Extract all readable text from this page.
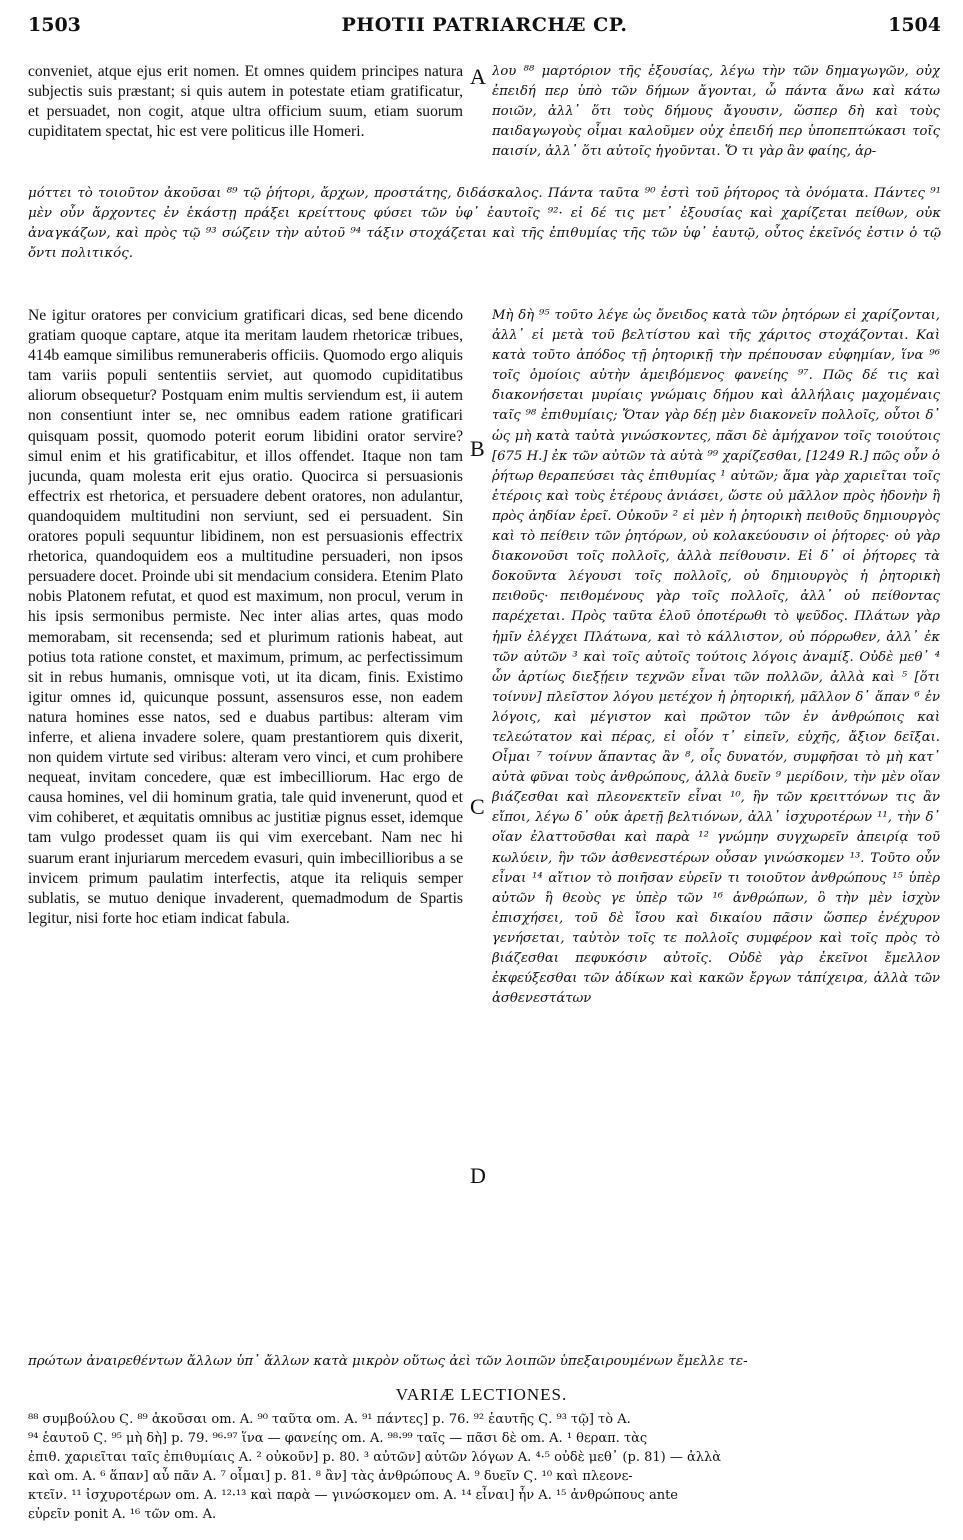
1503	PHOTII PATRIARCHÆ CP.	1504

conveniet, atque ejus erit nomen. Et omnes quidem principes natura subjectis suis præstant; si quis autem in potestate etiam gratificatur, et persuadet, non cogit, atque ultra officium suum, etiam suorum cupiditatem spectat, hic est vere politicus ille Homeri.

A λου ⁸⁸ μαρτόριον τῆς ἐξουσίας, λέγω τὴν τῶν δημαγωγῶν, οὐχ ἐπειδή περ ὑπὸ τῶν δήμων ἄγονται, ὦ πάντα ἄνω καὶ κάτω ποιῶν, ἀλλ᾽ ὅτι τοὺς δήμους ἄγουσιν, ὥσπερ δὴ καὶ τοὺς παιδαγωγοὺς οἶμαι καλοῦμεν οὐχ ἐπειδή περ ὑποπεπτώκασι τοῖς παισίν, ἀλλ᾽ ὅτι αὐτοῖς ἡγοῦνται. Ὅ τι γὰρ ἂν φαίης, ἁρ-

μόττει τὸ τοιοῦτον ἀκοῦσαι ⁸⁹ τῷ ῥήτορι, ἄρχων, προστάτης, διδάσκαλος. Πάντα ταῦτα ⁹⁰ ἐστὶ τοῦ ῥήτορος τὰ ὀνόματα. Πάντες ⁹¹ μὲν οὖν ἄρχοντες ἐν ἑκάστῃ πράξει κρείττους φύσει τῶν ὑφ᾽ ἑαυτοῖς ⁹²· εἰ δέ τις μετ᾽ ἐξουσίας καὶ χαρίζεται πείθων, οὐκ ἀναγκάζων, καὶ πρὸς τῷ ⁹³ σώζειν τὴν αὐτοῦ ⁹⁴ τάξιν στοχάζεται καὶ τῆς ἐπιθυμίας τῆς τῶν ὑφ᾽ ἑαυτῷ, οὗτος ἐκεῖνός ἐστιν ὁ τῷ ὄντι πολιτικός.

Ne igitur oratores per convicium gratificari dicas, sed bene dicendo gratiam quoque captare, atque ita meritam laudem rhetoricæ tribues, 414b eamque similibus remuneraberis officiis. Quomodo ergo aliquis tam variis populi sententiis serviet, aut quomodo cupiditatibus aliorum obsequetur? Postquam enim multis serviendum est, ii autem non consentiunt inter se, nec omnibus eadem ratione gratificari quisquam possit, quomodo poterit eorum libidini orator servire? simul enim et his gratificabitur, et illos offendet. Itaque non tam jucunda, quam molesta erit ejus oratio. Quocirca si persuasionis effectrix est rhetorica, et persuadere debent oratores, non adulantur, quandoquidem multitudini non serviunt, sed ei persuadent. Sin oratores populi sequuntur libidinem, non est persuasionis effectrix rhetorica, quandoquidem eos a multitudine persuaderi, non ipsos persuadere docet. Proinde ubi sit mendacium considera. Etenim Plato nobis Platonem refutat, et quod est maximum, non procul, verum in his ipsis sermonibus permiste. Nec inter alias artes, quas modo memorabam, sit recensenda; sed et plurimum rationis habeat, aut potius tota ratione constet, et maximum, primum, ac perfectissimum sit in rebus humanis, omnisque voti, ut ita dicam, finis. Existimo igitur omnes id, quicunque possunt, assensuros esse, non eadem natura homines esse natos, sed e duabus partibus: alteram vim inferre, et aliena invadere solere, quam prestantiorem quis dixerit, non quidem virtute sed viribus: alteram vero vinci, et cum prohibere nequeat, invitam concedere, quæ est imbecilliorum. Hac ergo de causa homines, vel dii hominum gratia, tale quid invenerunt, quod et vim cohiberet, et æquitatis omnibus ac justitiæ pignus esset, idemque tam vulgo prodesset quam iis qui vim exercebant. Nam nec hi suarum erant injuriarum mercedem evasuri, quin imbecillioribus a se invicem primum paulatim interfectis, atque ita reliquis semper sublatis, se mutuo denique invaderent, quemadmodum de Spartis legitur, nisi forte hoc etiam indicat fabula.

B
C
D

Μὴ δὴ ⁹⁵ τοῦτο λέγε ὡς ὄνειδος κατὰ τῶν ῥητόρων εἰ χαρίζονται, ἀλλ᾽ εἰ μετὰ τοῦ βελτίστου καὶ τῆς χάριτος στοχάζονται. Καὶ κατὰ τοῦτο ἀπόδος τῇ ῥητορικῇ τὴν πρέπουσαν εὐφημίαν, ἵνα ⁹⁶ τοῖς ὁμοίοις αὐτὴν ἀμειβόμενος φανείης ⁹⁷. Πῶς δέ τις καὶ διακονήσεται μυρίαις γνώμαις δήμου καὶ ἀλλήλαις μαχομέναις ταῖς ⁹⁸ ἐπιθυμίαις; Ὅταν γὰρ δέῃ μὲν διακονεῖν πολλοῖς, οὗτοι δ᾽ ὡς μὴ κατὰ ταὐτὰ γινώσκοντες, πᾶσι δὲ ἀμήχανον τοῖς τοιούτοις [675 H.] ἐκ τῶν αὐτῶν τὰ αὐτὰ ⁹⁹ χαρίζεσθαι, [1249 R.] πῶς οὖν ὁ ῥήτωρ θεραπεύσει τὰς ἐπιθυμίας ¹ αὐτῶν; ἅμα γὰρ χαριεῖται τοῖς ἑτέροις καὶ τοὺς ἑτέρους ἀνιάσει, ὥστε οὐ μᾶλλον πρὸς ἡδονὴν ἢ πρὸς ἀηδίαν ἐρεῖ. Οὐκοῦν ² εἰ μὲν ἡ ῥητορικὴ πειθοῦς δημιουργὸς καὶ τὸ πείθειν τῶν ῥητόρων, οὐ κολακεύουσιν οἱ ῥήτορες· οὐ γὰρ διακονοῦσι τοῖς πολλοῖς, ἀλλὰ πείθουσιν. Εἰ δ᾽ οἱ ῥήτορες τὰ δοκοῦντα λέγουσι τοῖς πολλοῖς, οὐ δημιουργὸς ἡ ῥητορικὴ πειθοῦς· πειθομένους γὰρ τοῖς πολλοῖς, ἀλλ᾽ οὐ πείθοντας παρέχεται. Πρὸς ταῦτα ἑλοῦ ὁποτέρωθι τὸ ψεῦδος. Πλάτων γὰρ ἡμῖν ἐλέγχει Πλάτωνα, καὶ τὸ κάλλιστον, οὐ πόρρωθεν, ἀλλ᾽ ἐκ τῶν αὐτῶν ³ καὶ τοῖς αὐτοῖς τούτοις λόγοις ἀναμίξ. Οὐδὲ μεθ᾽ ⁴ ὧν ἀρτίως διεξῄειν τεχνῶν εἶναι τῶν πολλῶν, ἀλλὰ καὶ ⁵ [ὅτι τοίνυν] πλεῖστον λόγου μετέχον ἡ ῥητορική, μᾶλλον δ᾽ ἅπαν ⁶ ἐν λόγοις, καὶ μέγιστον καὶ πρῶτον τῶν ἐν ἀνθρώποις καὶ τελεώτατον καὶ πέρας, εἰ οἷόν τ᾽ εἰπεῖν, εὐχῆς, ἄξιον δεῖξαι. Οἶμαι ⁷ τοίνυν ἅπαντας ἂν ⁸, οἷς δυνατόν, συμφῆσαι τὸ μὴ κατ᾽ αὐτὰ φῦναι τοὺς ἀνθρώπους, ἀλλὰ δυεῖν ⁹ μερίδοιν, τὴν μὲν οἵαν βιάζεσθαι καὶ πλεονεκτεῖν εἶναι ¹⁰, ἣν τῶν κρειττόνων τις ἂν εἴποι, λέγω δ᾽ οὐκ ἀρετῇ βελτιόνων, ἀλλ᾽ ἰσχυροτέρων ¹¹, τὴν δ᾽ οἵαν ἐλαττοῦσθαι καὶ παρὰ ¹² γνώμην συγχωρεῖν ἀπειρίᾳ τοῦ κωλύειν, ἣν τῶν ἀσθενεστέρων οὖσαν γινώσκομεν ¹³. Τοῦτο οὖν εἶναι ¹⁴ αἴτιον τὸ ποιῆσαν εὑρεῖν τι τοιοῦτον ἀνθρώπους ¹⁵ ὑπὲρ αὐτῶν ἢ θεοὺς γε ὑπὲρ τῶν ¹⁶ ἀνθρώπων, ὃ τὴν μὲν ἰσχὺν ἐπισχήσει, τοῦ δὲ ἴσου καὶ δικαίου πᾶσιν ὥσπερ ἐνέχυρον γενήσεται, ταὐτὸν τοῖς τε πολλοῖς συμφέρον καὶ τοῖς πρὸς τὸ βιάζεσθαι πεφυκόσιν αὐτοῖς. Οὐδὲ γὰρ ἐκεῖνοι ἔμελλον ἐκφεύξεσθαι τῶν ἀδίκων καὶ κακῶν ἔργων τἀπίχειρα, ἀλλὰ τῶν ἀσθενεστάτων

πρώτων ἀναιρεθέντων ἄλλων ὑπ᾽ ἄλλων κατὰ μικρὸν οὕτως ἀεὶ τῶν λοιπῶν ὑπεξαιρουμένων ἔμελλε τε-

VARIÆ LECTIONES.

⁸⁸ συμβούλου Ϛ. ⁸⁹ ἀκοῦσαι om. A. ⁹⁰ ταῦτα om. A. ⁹¹ πάντες] p. 76. ⁹² ἑαυτῆς Ϛ. ⁹³ τῷ] τὸ A.

⁹⁴ ἑαυτοῦ Ϛ. ⁹⁵ μὴ δὴ] p. 79. ⁹⁶·⁹⁷ ἵνα — φανείης om. A. ⁹⁸·⁹⁹ ταῖς — πᾶσι δὲ om. A. ¹ θεραπ. τὰς

ἐπιθ. χαριεῖται ταῖς ἐπιθυμίαις A. ² οὐκοῦν] p. 80. ³ αὐτῶν] αὐτῶν λόγων A. ⁴·⁵ οὐδὲ μεθ᾽ (p. 81) — ἀλλὰ

καὶ om. A. ⁶ ἅπαν] αὖ πᾶν A. ⁷ οἶμαι] p. 81. ⁸ ἂν] τὰς ἀνθρώπους A. ⁹ δυεῖν Ϛ. ¹⁰ καὶ πλεονε-

κτεῖν. ¹¹ ἰσχυροτέρων om. A. ¹²·¹³ καὶ παρὰ — γινώσκομεν om. A. ¹⁴ εἶναι] ἦν A. ¹⁵ ἀνθρώπους ante

εὑρεῖν ponit A. ¹⁶ τῶν om. A.
